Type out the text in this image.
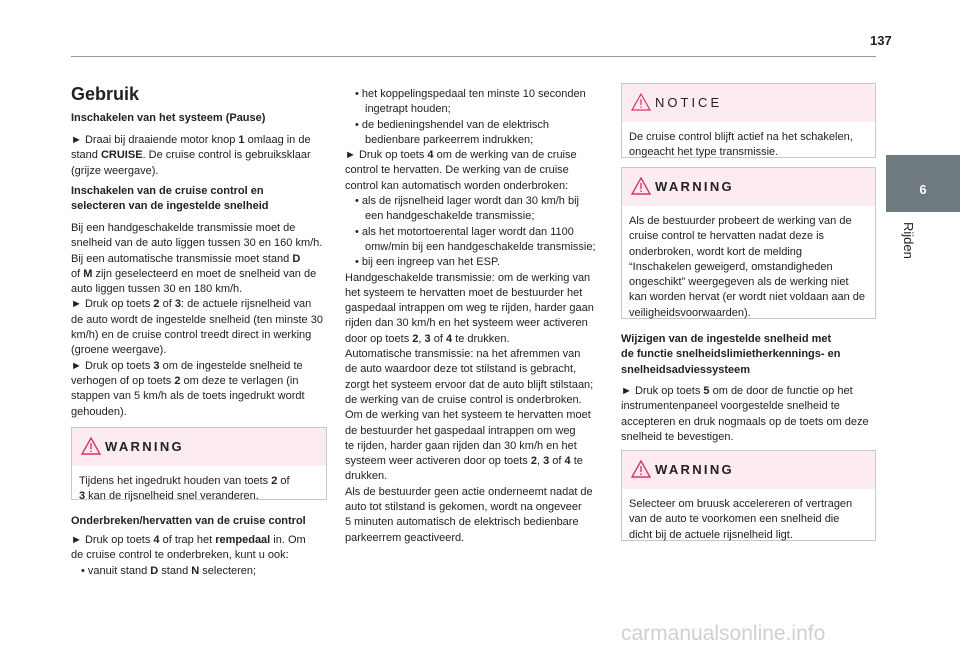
137
6
Rijden
Gebruik
Inschakelen van het systeem (Pause)
► Draai bij draaiende motor knop 1 omlaag in de
stand CRUISE. De cruise control is gebruiksklaar
(grijze weergave).
Inschakelen van de cruise control en
selecteren van de ingestelde snelheid
Bij een handgeschakelde transmissie moet de
snelheid van de auto liggen tussen 30 en 160 km/h.
Bij een automatische transmissie moet stand D
of M zijn geselecteerd en moet de snelheid van de
auto liggen tussen 30 en 180 km/h.
► Druk op toets 2 of 3: de actuele rijsnelheid van
de auto wordt de ingestelde snelheid (ten minste 30
km/h) en de cruise control treedt direct in werking
(groene weergave).
► Druk op toets 3 om de ingestelde snelheid te
verhogen of op toets 2 om deze te verlagen (in
stappen van 5 km/h als de toets ingedrukt wordt
gehouden).
WARNING
Tijdens het ingedrukt houden van toets 2 of
3 kan de rijsnelheid snel veranderen.
Onderbreken/hervatten van de cruise control
► Druk op toets 4 of trap het rempedaal in. Om
de cruise control te onderbreken, kunt u ook:
• vanuit stand D stand N selecteren;
• het koppelingspedaal ten minste 10 seconden
ingetrapt houden;
• de bedieningshendel van de elektrisch
bedienbare parkeerrem indrukken;
► Druk op toets 4 om de werking van de cruise
control te hervatten. De werking van de cruise
control kan automatisch worden onderbroken:
• als de rijsnelheid lager wordt dan 30 km/h bij
een handgeschakelde transmissie;
• als het motortoerental lager wordt dan 1100
omw/min bij een handgeschakelde transmissie;
• bij een ingreep van het ESP.
Handgeschakelde transmissie: om de werking van
het systeem te hervatten moet de bestuurder het
gaspedaal intrappen om weg te rijden, harder gaan
rijden dan 30 km/h en het systeem weer activeren
door op toets 2, 3 of 4 te drukken.
Automatische transmissie: na het afremmen van
de auto waardoor deze tot stilstand is gebracht,
zorgt het systeem ervoor dat de auto blijft stilstaan;
de werking van de cruise control is onderbroken.
Om de werking van het systeem te hervatten moet
de bestuurder het gaspedaal intrappen om weg
te rijden, harder gaan rijden dan 30 km/h en het
systeem weer activeren door op toets 2, 3 of 4 te
drukken.
Als de bestuurder geen actie onderneemt nadat de
auto tot stilstand is gekomen, wordt na ongeveer
5 minuten automatisch de elektrisch bedienbare
parkeerrem geactiveerd.
NOTICE
De cruise control blijft actief na het schakelen,
ongeacht het type transmissie.
WARNING
Als de bestuurder probeert de werking van de
cruise control te hervatten nadat deze is
onderbroken, wordt kort de melding
“Inschakelen geweigerd, omstandigheden
ongeschikt” weergegeven als de werking niet
kan worden hervat (er wordt niet voldaan aan de
veiligheidsvoorwaarden).
Wijzigen van de ingestelde snelheid met
de functie snelheidslimietherkennings- en
snelheidsadviessysteem
► Druk op toets 5 om de door de functie op het
instrumentenpaneel voorgestelde snelheid te
accepteren en druk nogmaals op de toets om deze
snelheid te bevestigen.
WARNING
Selecteer om bruusk accelereren of vertragen
van de auto te voorkomen een snelheid die
dicht bij de actuele rijsnelheid ligt.
carmanualsonline.info
